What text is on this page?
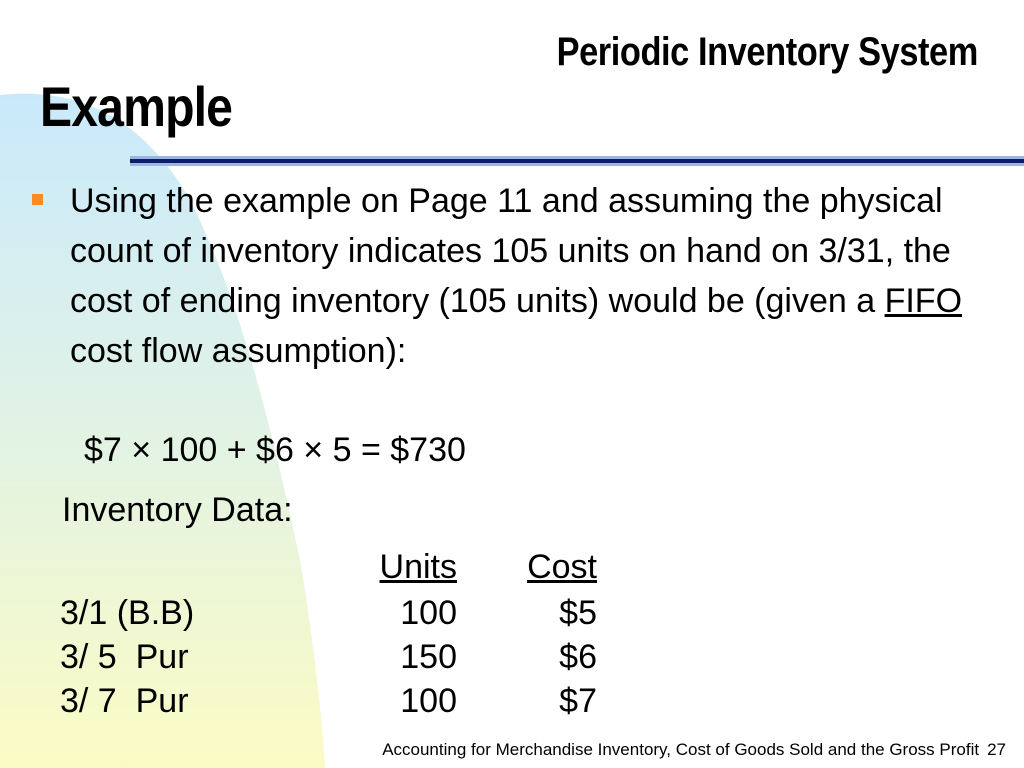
Periodic Inventory System
Example
Using the example on Page 11 and assuming the physical count of inventory indicates 105 units on hand on 3/31, the cost of ending inventory (105 units) would be (given a FIFO cost flow assumption):
$7 × 100 + $6 × 5 = $730
Inventory Data:
	Units	Cost
3/1 (B.B)	100	$5
3/ 5  Pur	150	$6
3/ 7  Pur	100	$7
Accounting for Merchandise Inventory, Cost of Goods Sold and the Gross Profit 27
